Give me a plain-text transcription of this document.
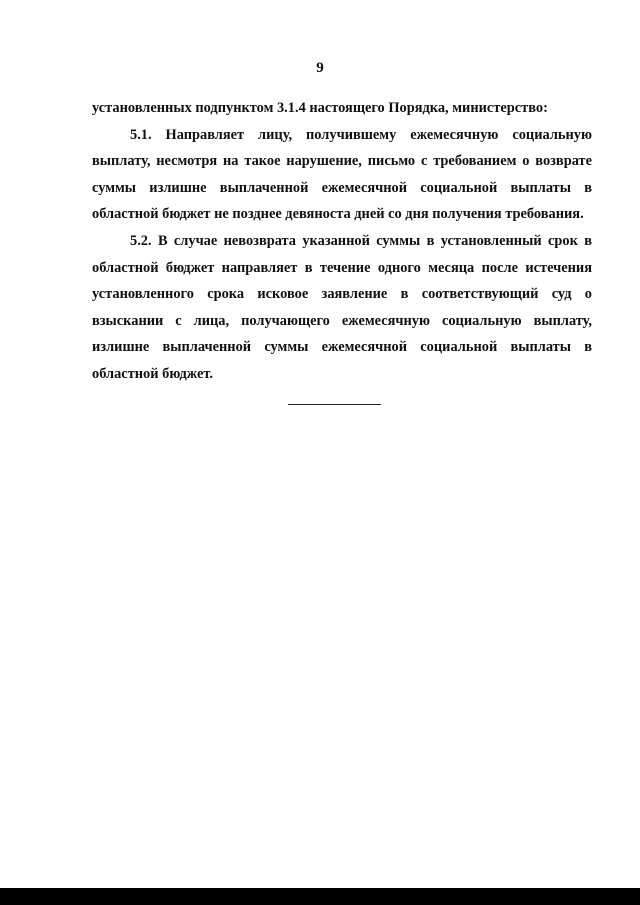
9

установленных подпунктом 3.1.4 настоящего Порядка, министерство:

5.1. Направляет лицу, получившему ежемесячную социальную выплату, несмотря на такое нарушение, письмо с требованием о возврате суммы излишне выплаченной ежемесячной социальной выплаты в областной бюджет не позднее девяноста дней со дня получения требования.

5.2. В случае невозврата указанной суммы в установленный срок в областной бюджет направляет в течение одного месяца после истечения установленного срока исковое заявление в соответствующий суд о взыскании с лица, получающего ежемесячную социальную выплату, излишне выплаченной суммы ежемесячной социальной выплаты в областной бюджет.
